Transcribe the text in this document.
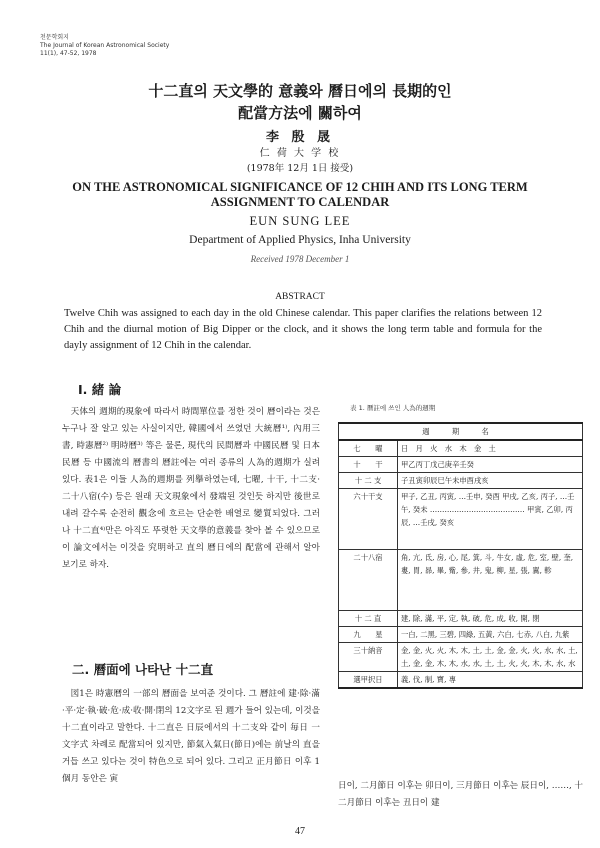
천문학회지
The Journal of Korean Astronomical Society
11(1), 47-52, 1978
十二直의 天文學的 意義와 曆日에의 長期的인
配當方法에 關하여
李 殷 晟
仁 荷 大 学 校
(1978年 12月 1日 接受)
ON THE ASTRONOMICAL SIGNIFICANCE OF 12 CHIH AND ITS LONG TERM
ASSIGNMENT TO CALENDAR
EUN SUNG LEE
Department of Applied Physics, Inha University
Received 1978 December 1
ABSTRACT
Twelve Chih was assigned to each day in the old Chinese calendar. This paper clarifies the relations between 12 Chih and the diurnal motion of Big Dipper or the clock, and it shows the long term table and formula for the dayly assignment of 12 Chih in the calendar.
I. 緒 論

天体의 週期的現象에 따라서 時間單位를 정한 것이 曆이라는 것은 누구나 잘 알고 있는 사실이지만, 韓國에서 쓰였던 大統曆¹⁾, 內用三書, 時憲曆²⁾ 明時曆³⁾ 等은 물론, 現代의 民間曆과 中國民曆 및 日本民曆 등 中國流의 曆書의 曆註에는 여러 종류의 人為的週期가 실려있다. 表1은 이들 人為的週期를 列擧하였는데, 七曜, 十干, 十二支·二十八宿(수) 등은 원래 天文現象에서 發端된 것인듯 하지만 後世로 내려 갈수록 순전히 觀念에 흐르는 단순한 배열로 變質되었다. 그러나 十二直⁴⁾만은 아직도 뚜렷한 天文學的意義를 찾아 볼 수 있으므로 이 論文에서는 이것을 究明하고 直의 曆日에의 配當에 관해서 알아 보기로 하자.

二. 曆面에 나타난 十二直

図1은 時憲曆의 一部의 曆面을 보여준 것이다. 그 曆註에 建·除·滿·平·定·執·破·危·成·收·開·閉의 12文字로 된 週가 들어 있는데, 이것을 十二直이라고 말한다. 十二直은 日辰에서의 十二支와 같이 毎日 一文字式 차례로 配當되어 있지만, 節氣入氣日(節日)에는 前날의 直을 거듭 쓰고 있다는 것이 特色으로 되어 있다. 그리고 正月節日 이후 1個月 동안은 寅

日이, 二月節日 이후는 卯日이, 三月節日 이후는 辰日이, ……, 十二月節日 이후는 丑日이 建
表 1. 曆註에 쓰인 人為的週期
週 期 名	
七　　曜	日　月　火　水　木　金　土
十　　干	甲乙丙丁戊己庚辛壬癸
十 二 支	子丑寅卯辰巳午未申酉戌亥
六十干支	甲子, 乙丑, 丙寅, …壬申, 癸酉 甲戌, 乙亥, 丙子, …壬午, 癸未 ………………………………… 甲寅, 乙卯, 丙辰, …壬戌, 癸亥
二十八宿	角, 亢, 氐, 房, 心, 尾, 箕, 斗, 牛女, 虛, 危, 室, 壁, 奎, 婁, 胃, 昴, 畢, 觜, 參, 井, 鬼, 柳, 星, 張, 翼, 軫
十 二 直	建, 除, 滿, 平, 定, 執, 破, 危, 成, 收, 開, 閉
九　　星	一白, 二黑, 三碧, 四綠, 五黃, 六白, 七赤, 八白, 九紫
三十納音	金, 金, 火, 火, 木, 木, 土, 土, 金, 金, 火, 火, 水, 水, 土, 土, 金, 金, 木, 木, 水, 水, 土, 土, 火, 火, 木, 木, 水, 水
選甲択日	義, 伐, 制, 寶, 專
47
